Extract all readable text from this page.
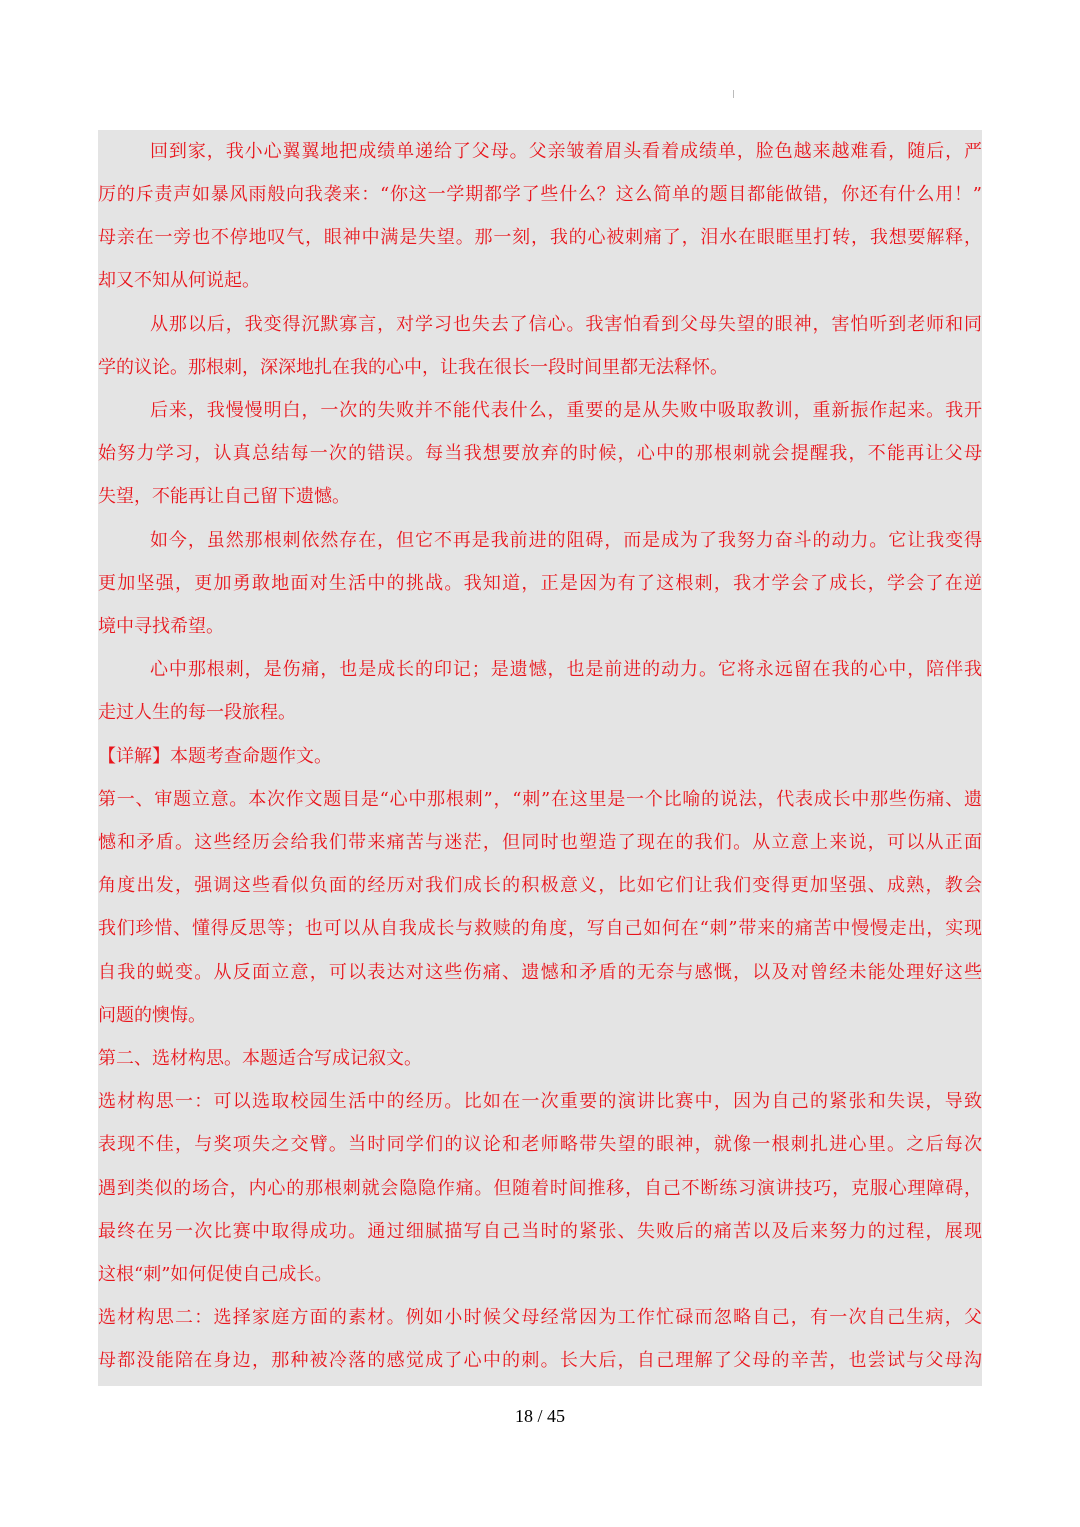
回到家，我小心翼翼地把成绩单递给了父母。父亲皱着眉头看着成绩单，脸色越来越难看，随后，严
厉的斥责声如暴风雨般向我袭来：“你这一学期都学了些什么？这么简单的题目都能做错，你还有什么用！”
母亲在一旁也不停地叹气，眼神中满是失望。那一刻，我的心被刺痛了，泪水在眼眶里打转，我想要解释，
却又不知从何说起。
从那以后，我变得沉默寡言，对学习也失去了信心。我害怕看到父母失望的眼神，害怕听到老师和同
学的议论。那根刺，深深地扎在我的心中，让我在很长一段时间里都无法释怀。
后来，我慢慢明白，一次的失败并不能代表什么，重要的是从失败中吸取教训，重新振作起来。我开
始努力学习，认真总结每一次的错误。每当我想要放弃的时候，心中的那根刺就会提醒我，不能再让父母
失望，不能再让自己留下遗憾。
如今，虽然那根刺依然存在，但它不再是我前进的阻碍，而是成为了我努力奋斗的动力。它让我变得
更加坚强，更加勇敢地面对生活中的挑战。我知道，正是因为有了这根刺，我才学会了成长，学会了在逆
境中寻找希望。
心中那根刺，是伤痛，也是成长的印记；是遗憾，也是前进的动力。它将永远留在我的心中，陪伴我
走过人生的每一段旅程。
【详解】本题考查命题作文。
第一、审题立意。本次作文题目是“心中那根刺”，“刺”在这里是一个比喻的说法，代表成长中那些伤痛、遗
憾和矛盾。这些经历会给我们带来痛苦与迷茫，但同时也塑造了现在的我们。从立意上来说，可以从正面
角度出发，强调这些看似负面的经历对我们成长的积极意义，比如它们让我们变得更加坚强、成熟，教会
我们珍惜、懂得反思等；也可以从自我成长与救赎的角度，写自己如何在“刺”带来的痛苦中慢慢走出，实现
自我的蜕变。从反面立意，可以表达对这些伤痛、遗憾和矛盾的无奈与感慨，以及对曾经未能处理好这些
问题的懊悔。
第二、选材构思。本题适合写成记叙文。
选材构思一：可以选取校园生活中的经历。比如在一次重要的演讲比赛中，因为自己的紧张和失误，导致
表现不佳，与奖项失之交臂。当时同学们的议论和老师略带失望的眼神，就像一根刺扎进心里。之后每次
遇到类似的场合，内心的那根刺就会隐隐作痛。但随着时间推移，自己不断练习演讲技巧，克服心理障碍，
最终在另一次比赛中取得成功。通过细腻描写自己当时的紧张、失败后的痛苦以及后来努力的过程，展现
这根“刺”如何促使自己成长。
选材构思二：选择家庭方面的素材。例如小时候父母经常因为工作忙碌而忽略自己，有一次自己生病，父
母都没能陪在身边，那种被冷落的感觉成了心中的刺。长大后，自己理解了父母的辛苦，也尝试与父母沟
18 / 45
